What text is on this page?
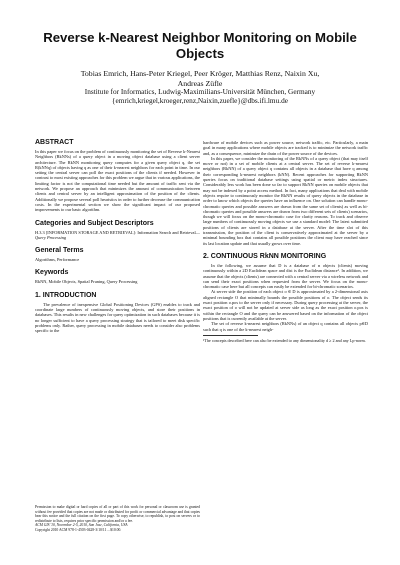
Reverse k-Nearest Neighbor Monitoring on Mobile Objects
Tobias Emrich, Hans-Peter Kriegel, Peer Kröger, Matthias Renz, Naixin Xu,
Andreas Züfle
Institute for Informatics, Ludwig-Maximilians-Universität München, Germany
{emrich,kriegel,kroeger,renz,Naixin,zuefle}@dbs.ifi.lmu.de
ABSTRACT

In this paper we focus on the problem of continuously monitoring the set of Reverse k-Nearest Neighbors (RkNNs) of a query object in a moving object database using a client server architecture. The RkNN monitoring query computes for a given query object q, the set R(kNNq) of objects having q as one of their k-nearest neighbors for each point in time. In our setting the central server can poll the exact positions of the clients if needed. However in contrast to most existing approaches for this problem we argue that in various applications, the limiting factor is not the computational time needed but the amount of traffic sent via the network. We propose an approach that minimizes the amount of communication between clients and central server by an intelligent approximation of the position of the clients. Additionally we propose several poll heuristics in order to further decrease the communication costs. In the experimental section we show the significant impact of our proposed improvements to our basic algorithm.

Categories and Subject Descriptors

H.3.3 [INFORMATION STORAGE AND RETRIEVAL]: Information Search and Retrieval—Query Processing

General Terms

Algorithms, Performance

Keywords

RkNN, Mobile Objects, Spatial Pruning, Query Processing

1. INTRODUCTION

The prevalence of inexpensive Global Positioning Devices (GPS) enables to track and coordinate large numbers of continuously moving objects, and store their positions in databases. This results in new challenges for query optimization in such databases because it is no longer sufficient to have a query processing strategy that is tailored to meet disk specific problems only. Rather, query processing in mobile databases needs to consider also problems specific to the

Permission to make digital or hard copies of all or part of this work for personal or classroom use is granted without fee provided that copies are not made or distributed for profit or commercial advantage and that copies bear this notice and the full citation on the first page. To copy otherwise, to republish, to post on servers or to redistribute to lists, requires prior specific permission and/or a fee.
ACM GIS '10, November 2-5, 2010, San Jose, California, USA
Copyright 2010 ACM 978-1-4503-0428-3/10/11 ...$10.00.

hardware of mobile devices such as power source, network traffic, etc. Particularly, a main goal in many applications where mobile objects are tracked is to minimize the network traffic and, as a consequence, minimize the drain of the power source of the devices.

In this paper, we consider the monitoring of the RkNNs of a query object (that may itself move or not) in a set of mobile clients at a central server. The set of reverse k-nearest neighbors (RkNN) of a query object q contains all objects in a database that have q among their corresponding k-nearest neighbors (kNN). Recent approaches for supporting RkNN queries focus on traditional database settings using spatial or metric index structures. Considerably less work has been done so far to support RkNN queries on mobile objects that may not be indexed by a point access method. In fact, many applications that deal with mobile objects require to continuously monitor the RkNN results of query objects in the database in order to know which objects the queries have an influence on. One solution can handle mono-chromatic queries and possible answers are drawn from the same set of clients) as well as bi-chromatic queries and possible answers are drawn from two different sets of clients) scenarios, though we will focus on the mono-chromatic case for clarity reasons. To track and observe large numbers of continuously moving objects we use a standard model: The latest submitted positions of clients are stored in a database at the server. After the time slot of this transmission, the position of the client is conservatively approximated at the server by a minimal bounding box that contains all possible positions the client may have reached since its last location update and that usually grows over time.

2. CONTINUOUS RkNN MONITORING

In the following, we assume that D is a database of n objects (clients) moving continuously within a 2D Euclidean space and dist is the Euclidean distance¹. In addition, we assume that the objects (clients) are connected with a central server via a wireless network and can send their exact positions when requested from the server. We focus on the mono-chromatic case here but all concepts can easily be extended for bi-chromatic scenarios.

At server side the position of each object o ∈ D is approximated by a 2-dimensional axis aligned rectangle O that minimally bounds the possible positions of o. The object sends its exact position o.pos to the server only if necessary. During query processing at the server, the exact position of o will not be updated at server side as long as the exact position o.pos is within the rectangle O and the query can be answered based on the information of the object positions that is currently available at the server.

The set of reverse k-nearest neighbors (RkNNs) of an object q contains all objects p∈D such that q is one of the k-nearest neigh-

¹The concepts described here can also be extended to any dimensionality d ≥ 2 and any Lp-norm.
